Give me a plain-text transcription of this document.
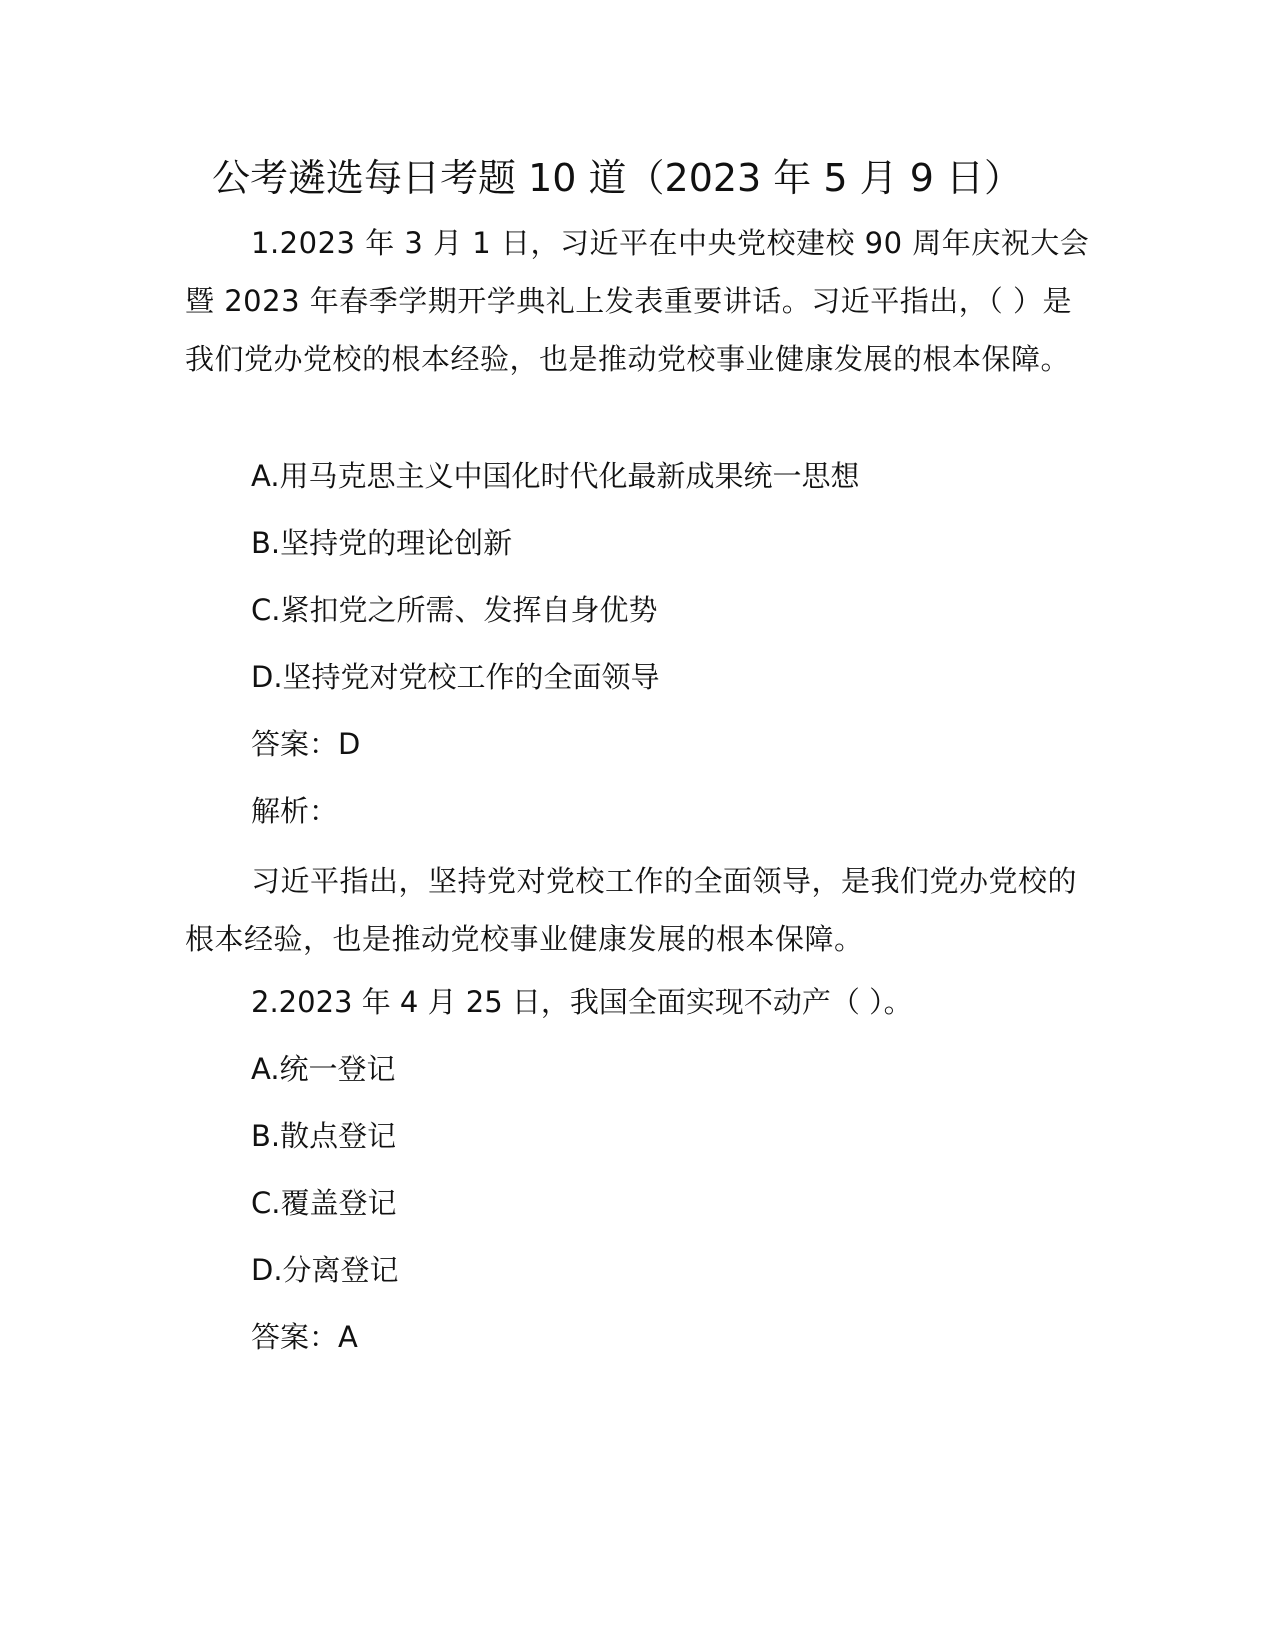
公考遴选每日考题 10 道（2023 年 5 月 9 日）
1.2023 年 3 月 1 日，习近平在中央党校建校 90 周年庆祝大会暨 2023 年春季学期开学典礼上发表重要讲话。习近平指出，（ ）是我们党办党校的根本经验，也是推动党校事业健康发展的根本保障。
A.用马克思主义中国化时代化最新成果统一思想
B.坚持党的理论创新
C.紧扣党之所需、发挥自身优势
D.坚持党对党校工作的全面领导
答案：D
解析：
习近平指出，坚持党对党校工作的全面领导，是我们党办党校的根本经验，也是推动党校事业健康发展的根本保障。
2.2023 年 4 月 25 日，我国全面实现不动产（ ）。
A.统一登记
B.散点登记
C.覆盖登记
D.分离登记
答案：A
